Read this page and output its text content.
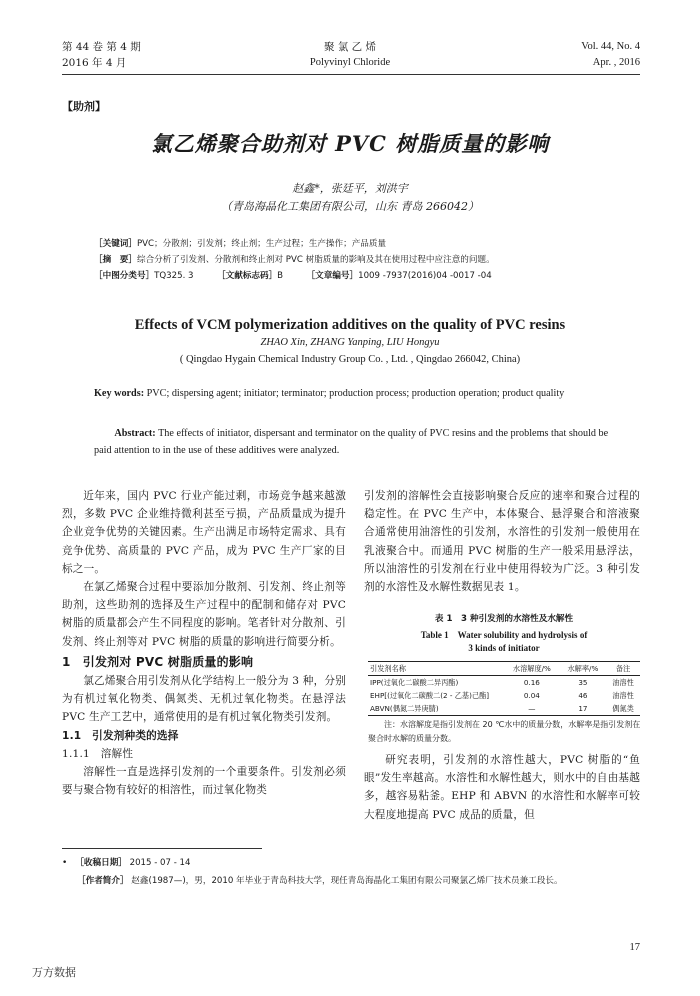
第 44 卷 第 4 期
2016 年 4 月
聚 氯 乙 烯
Polyvinyl Chloride
Vol. 44, No. 4
Apr. , 2016
【助剂】
氯乙烯聚合助剂对 PVC 树脂质量的影响
赵鑫*，张廷平，刘洪宇
（青岛海晶化工集团有限公司，山东 青岛 266042）
［关键词］PVC；分散剂；引发剂；终止剂；生产过程；生产操作；产品质量
［摘　要］综合分析了引发剂、分散剂和终止剂对 PVC 树脂质量的影响及其在使用过程中应注意的问题。
［中图分类号］TQ325. 3	［文献标志码］B	［文章编号］1009 -7937(2016)04 -0017 -04
Effects of VCM polymerization additives on the quality of PVC resins
ZHAO Xin, ZHANG Yanping, LIU Hongyu
( Qingdao Hygain Chemical Industry Group Co. , Ltd. , Qingdao 266042, China)
Key words: PVC; dispersing agent; initiator; terminator; production process; production operation; product quality
Abstract: The effects of initiator, dispersant and terminator on the quality of PVC resins and the problems that should be paid attention to in the use of these additives were analyzed.

近年来，国内 PVC 行业产能过剩，市场竞争越来越激烈，多数 PVC 企业维持微利甚至亏损，产品质量成为提升企业竞争优势的关键因素。生产出满足市场特定需求、具有竞争优势、高质量的 PVC 产品，成为 PVC 生产厂家的目标之一。

在氯乙烯聚合过程中要添加分散剂、引发剂、终止剂等助剂，这些助剂的选择及生产过程中的配制和储存对 PVC 树脂的质量都会产生不同程度的影响。笔者针对分散剂、引发剂、终止剂等对 PVC 树脂的质量的影响进行简要分析。

1　引发剂对 PVC 树脂质量的影响

氯乙烯聚合用引发剂从化学结构上一般分为 3 种，分别为有机过氧化物类、偶氮类、无机过氧化物类。在悬浮法 PVC 生产工艺中，通常使用的是有机过氧化物类引发剂。

1.1　引发剂种类的选择

1.1.1　溶解性

溶解性一直是选择引发剂的一个重要条件。引发剂必须要与聚合物有较好的相溶性，而过氧化物类

引发剂的溶解性会直接影响聚合反应的速率和聚合过程的稳定性。在 PVC 生产中，本体聚合、悬浮聚合和溶液聚合通常使用油溶性的引发剂，水溶性的引发剂一般使用在乳液聚合中。而通用 PVC 树脂的生产一般采用悬浮法，所以油溶性的引发剂在行业中使用得较为广泛。3 种引发剂的水溶性及水解性数据见表 1。

表 1　3 种引发剂的水溶性及水解性
Table 1　Water solubility and hydrolysis of
3 kinds of initiator
引发剂名称	水溶解度/%	水解率/%	备注
IPP(过氧化二碳酸二异丙酯)	0.16	35	油溶性
EHP[(过氧化二碳酸二(2 - 乙基)己酯]	0.04	46	油溶性
ABVN(偶氮二异庚腈)	—	17	偶氮类
注：水溶解度是指引发剂在 20 ℃水中的质量分数，水解率是指引发剂在聚合时水解的质量分数。

研究表明，引发剂的水溶性越大，PVC 树脂的“鱼眼”发生率越高。水溶性和水解性越大，则水中的自由基越多，越容易粘釜。EHP 和 ABVN 的水溶性和水解率可较大程度地提高 PVC 成品的质量，但

• ［收稿日期］ 2015 - 07 - 14
［作者简介］ 赵鑫(1987—)，男，2010 年毕业于青岛科技大学，现任青岛海晶化工集团有限公司聚氯乙烯厂技术员兼工段长。
17
万方数据
